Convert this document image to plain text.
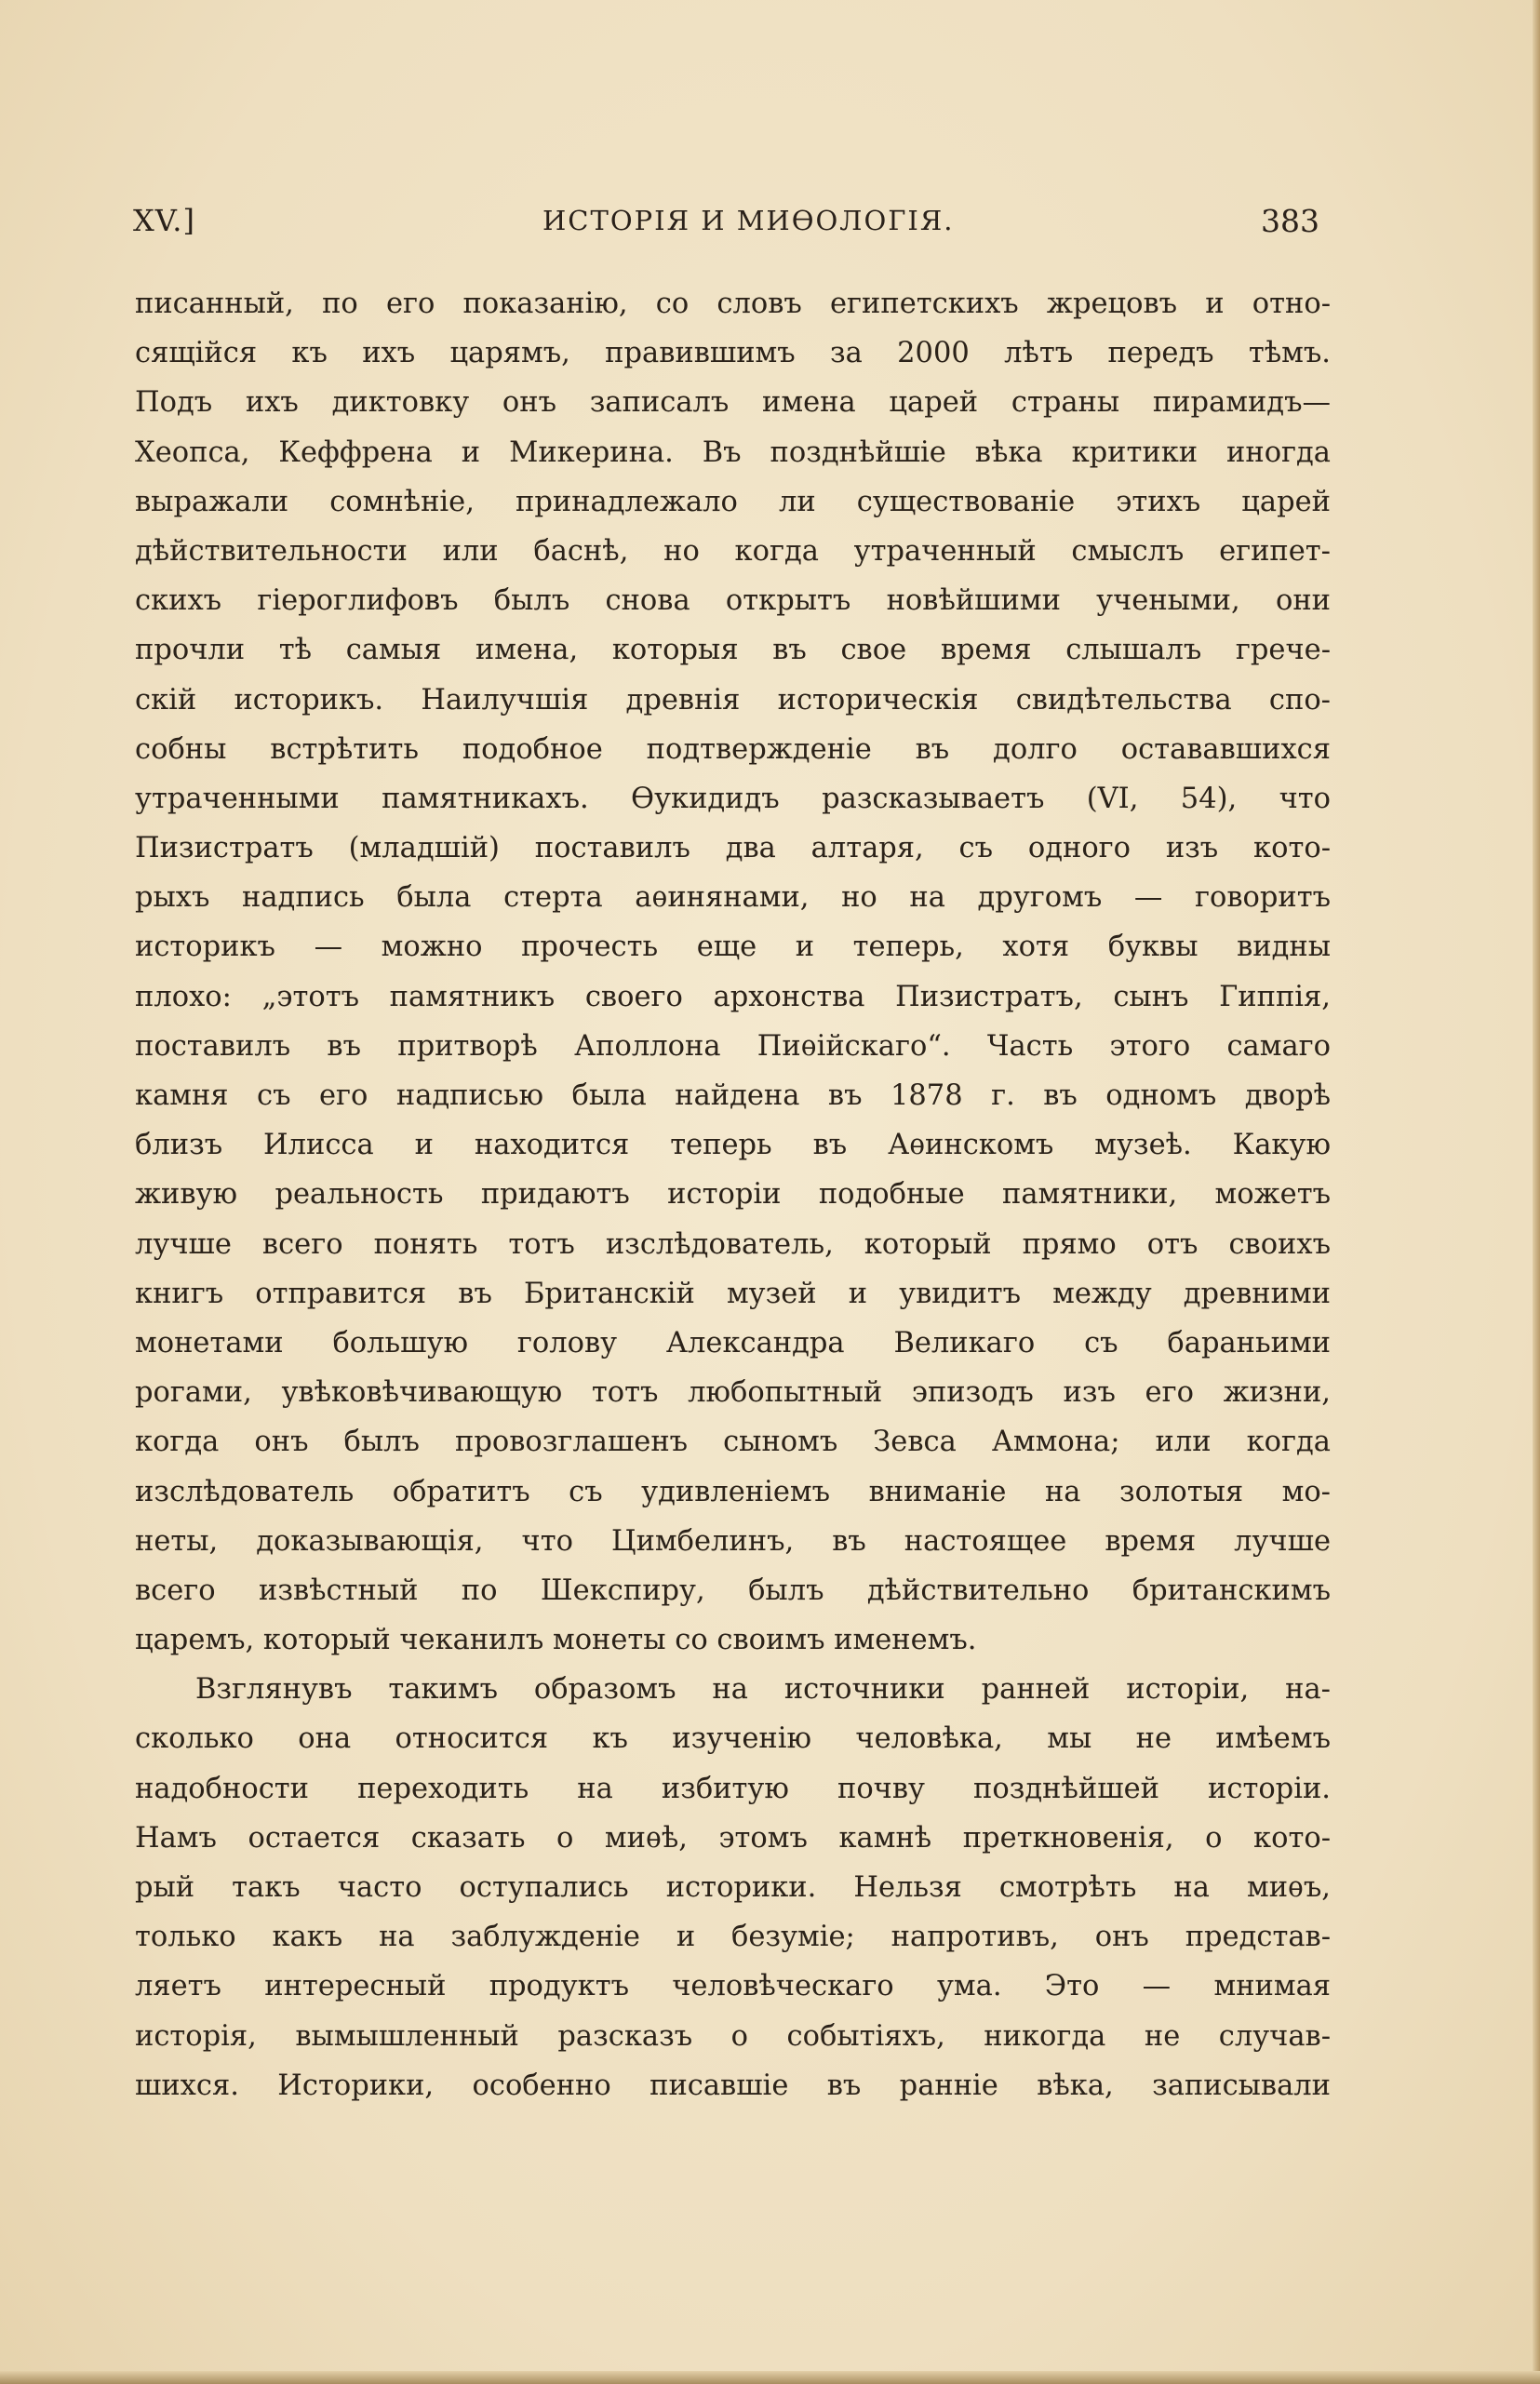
XV.]	ИСТОРІЯ И МИѲОЛОГІЯ.	383
писанный, по его показанію, со словъ египетскихъ жрецовъ и отно-
сящійся къ ихъ царямъ, правившимъ за 2000 лѣтъ передъ тѣмъ.
Подъ ихъ диктовку онъ записалъ имена царей страны пирамидъ—
Хеопса, Кеффрена и Микерина. Въ позднѣйшіе вѣка критики иногда
выражали сомнѣніе, принадлежало ли существованіе этихъ царей
дѣйствительности или баснѣ, но когда утраченный смыслъ египет-
скихъ гіероглифовъ былъ снова открытъ новѣйшими учеными, они
прочли тѣ самыя имена, которыя въ свое время слышалъ грече-
скій историкъ. Наилучшія древнія историческія свидѣтельства спо-
собны встрѣтить подобное подтвержденіе въ долго остававшихся
утраченными памятникахъ. Ѳукидидъ разсказываетъ (VI, 54), что
Пизистратъ (младшій) поставилъ два алтаря, съ одного изъ кото-
рыхъ надпись была стерта аѳинянами, но на другомъ — говоритъ
историкъ — можно прочесть еще и теперь, хотя буквы видны
плохо: „этотъ памятникъ своего архонства Пизистратъ, сынъ Гиппія,
поставилъ въ притворѣ Аполлона Пиѳійскаго“. Часть этого самаго
камня съ его надписью была найдена въ 1878 г. въ одномъ дворѣ
близъ Илисса и находится теперь въ Аѳинскомъ музеѣ. Какую
живую реальность придаютъ исторіи подобные памятники, можетъ
лучше всего понять тотъ изслѣдователь, который прямо отъ своихъ
книгъ отправится въ Британскій музей и увидитъ между древними
монетами большую голову Александра Великаго съ бараньими
рогами, увѣковѣчивающую тотъ любопытный эпизодъ изъ его жизни,
когда онъ былъ провозглашенъ сыномъ Зевса Аммона; или когда
изслѣдователь обратитъ съ удивленіемъ вниманіе на золотыя мо-
неты, доказывающія, что Цимбелинъ, въ настоящее время лучше
всего извѣстный по Шекспиру, былъ дѣйствительно британскимъ
царемъ, который чеканилъ монеты со своимъ именемъ.
Взглянувъ такимъ образомъ на источники ранней исторіи, на-
сколько она относится къ изученію человѣка, мы не имѣемъ
надобности переходить на избитую почву позднѣйшей исторіи.
Намъ остается сказать о миѳѣ, этомъ камнѣ преткновенія, о кото-
рый такъ часто оступались историки. Нельзя смотрѣть на миѳъ,
только какъ на заблужденіе и безуміе; напротивъ, онъ представ-
ляетъ интересный продуктъ человѣческаго ума. Это — мнимая
исторія, вымышленный разсказъ о событіяхъ, никогда не случав-
шихся. Историки, особенно писавшіе въ ранніе вѣка, записывали
